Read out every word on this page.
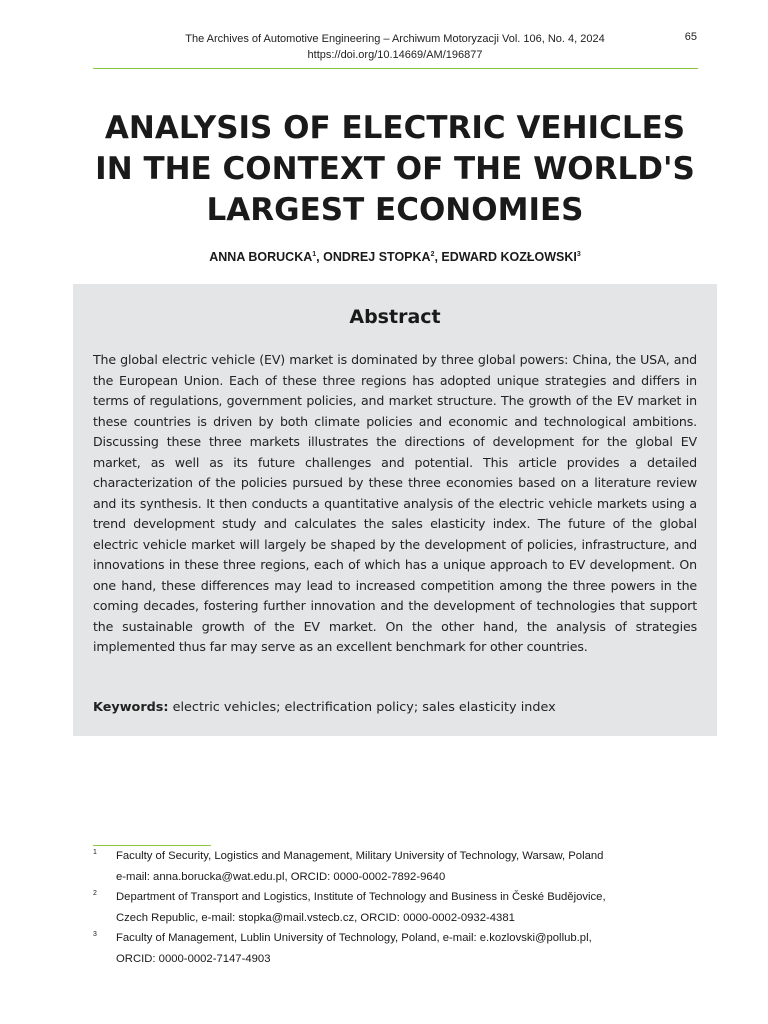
The Archives of Automotive Engineering – Archiwum Motoryzacji Vol. 106, No. 4, 2024
https://doi.org/10.14669/AM/196877
65
ANALYSIS OF ELECTRIC VEHICLES
IN THE CONTEXT OF THE WORLD'S
LARGEST ECONOMIES
ANNA BORUCKA$^1$, ONDREJ STOPKA$^2$, EDWARD KOZŁOWSKI$^3$
Abstract

The global electric vehicle (EV) market is dominated by three global powers: China, the USA, and the European Union. Each of these three regions has adopted unique strategies and differs in terms of regulations, government policies, and market structure. The growth of the EV market in these countries is driven by both climate policies and economic and technological ambitions. Discussing these three markets illustrates the directions of development for the global EV market, as well as its future challenges and potential. This article provides a detailed characterization of the policies pursued by these three economies based on a literature review and its synthesis. It then conducts a quantitative analysis of the electric vehicle markets using a trend development study and calculates the sales elasticity index. The future of the global electric vehicle market will largely be shaped by the development of policies, infrastructure, and innovations in these three regions, each of which has a unique approach to EV development. On one hand, these differences may lead to increased competition among the three powers in the coming decades, fostering further innovation and the development of technologies that support the sustainable growth of the EV market. On the other hand, the analysis of strategies implemented thus far may serve as an excellent benchmark for other countries.

Keywords: electric vehicles; electrification policy; sales elasticity index
1 Faculty of Security, Logistics and Management, Military University of Technology, Warsaw, Poland
e-mail: anna.borucka@wat.edu.pl, ORCID: 0000-0002-7892-9640
2 Department of Transport and Logistics, Institute of Technology and Business in České Budějovice,
Czech Republic, e-mail: stopka@mail.vstecb.cz, ORCID: 0000-0002-0932-4381
3 Faculty of Management, Lublin University of Technology, Poland, e-mail: e.kozlovski@pollub.pl,
ORCID: 0000-0002-7147-4903
